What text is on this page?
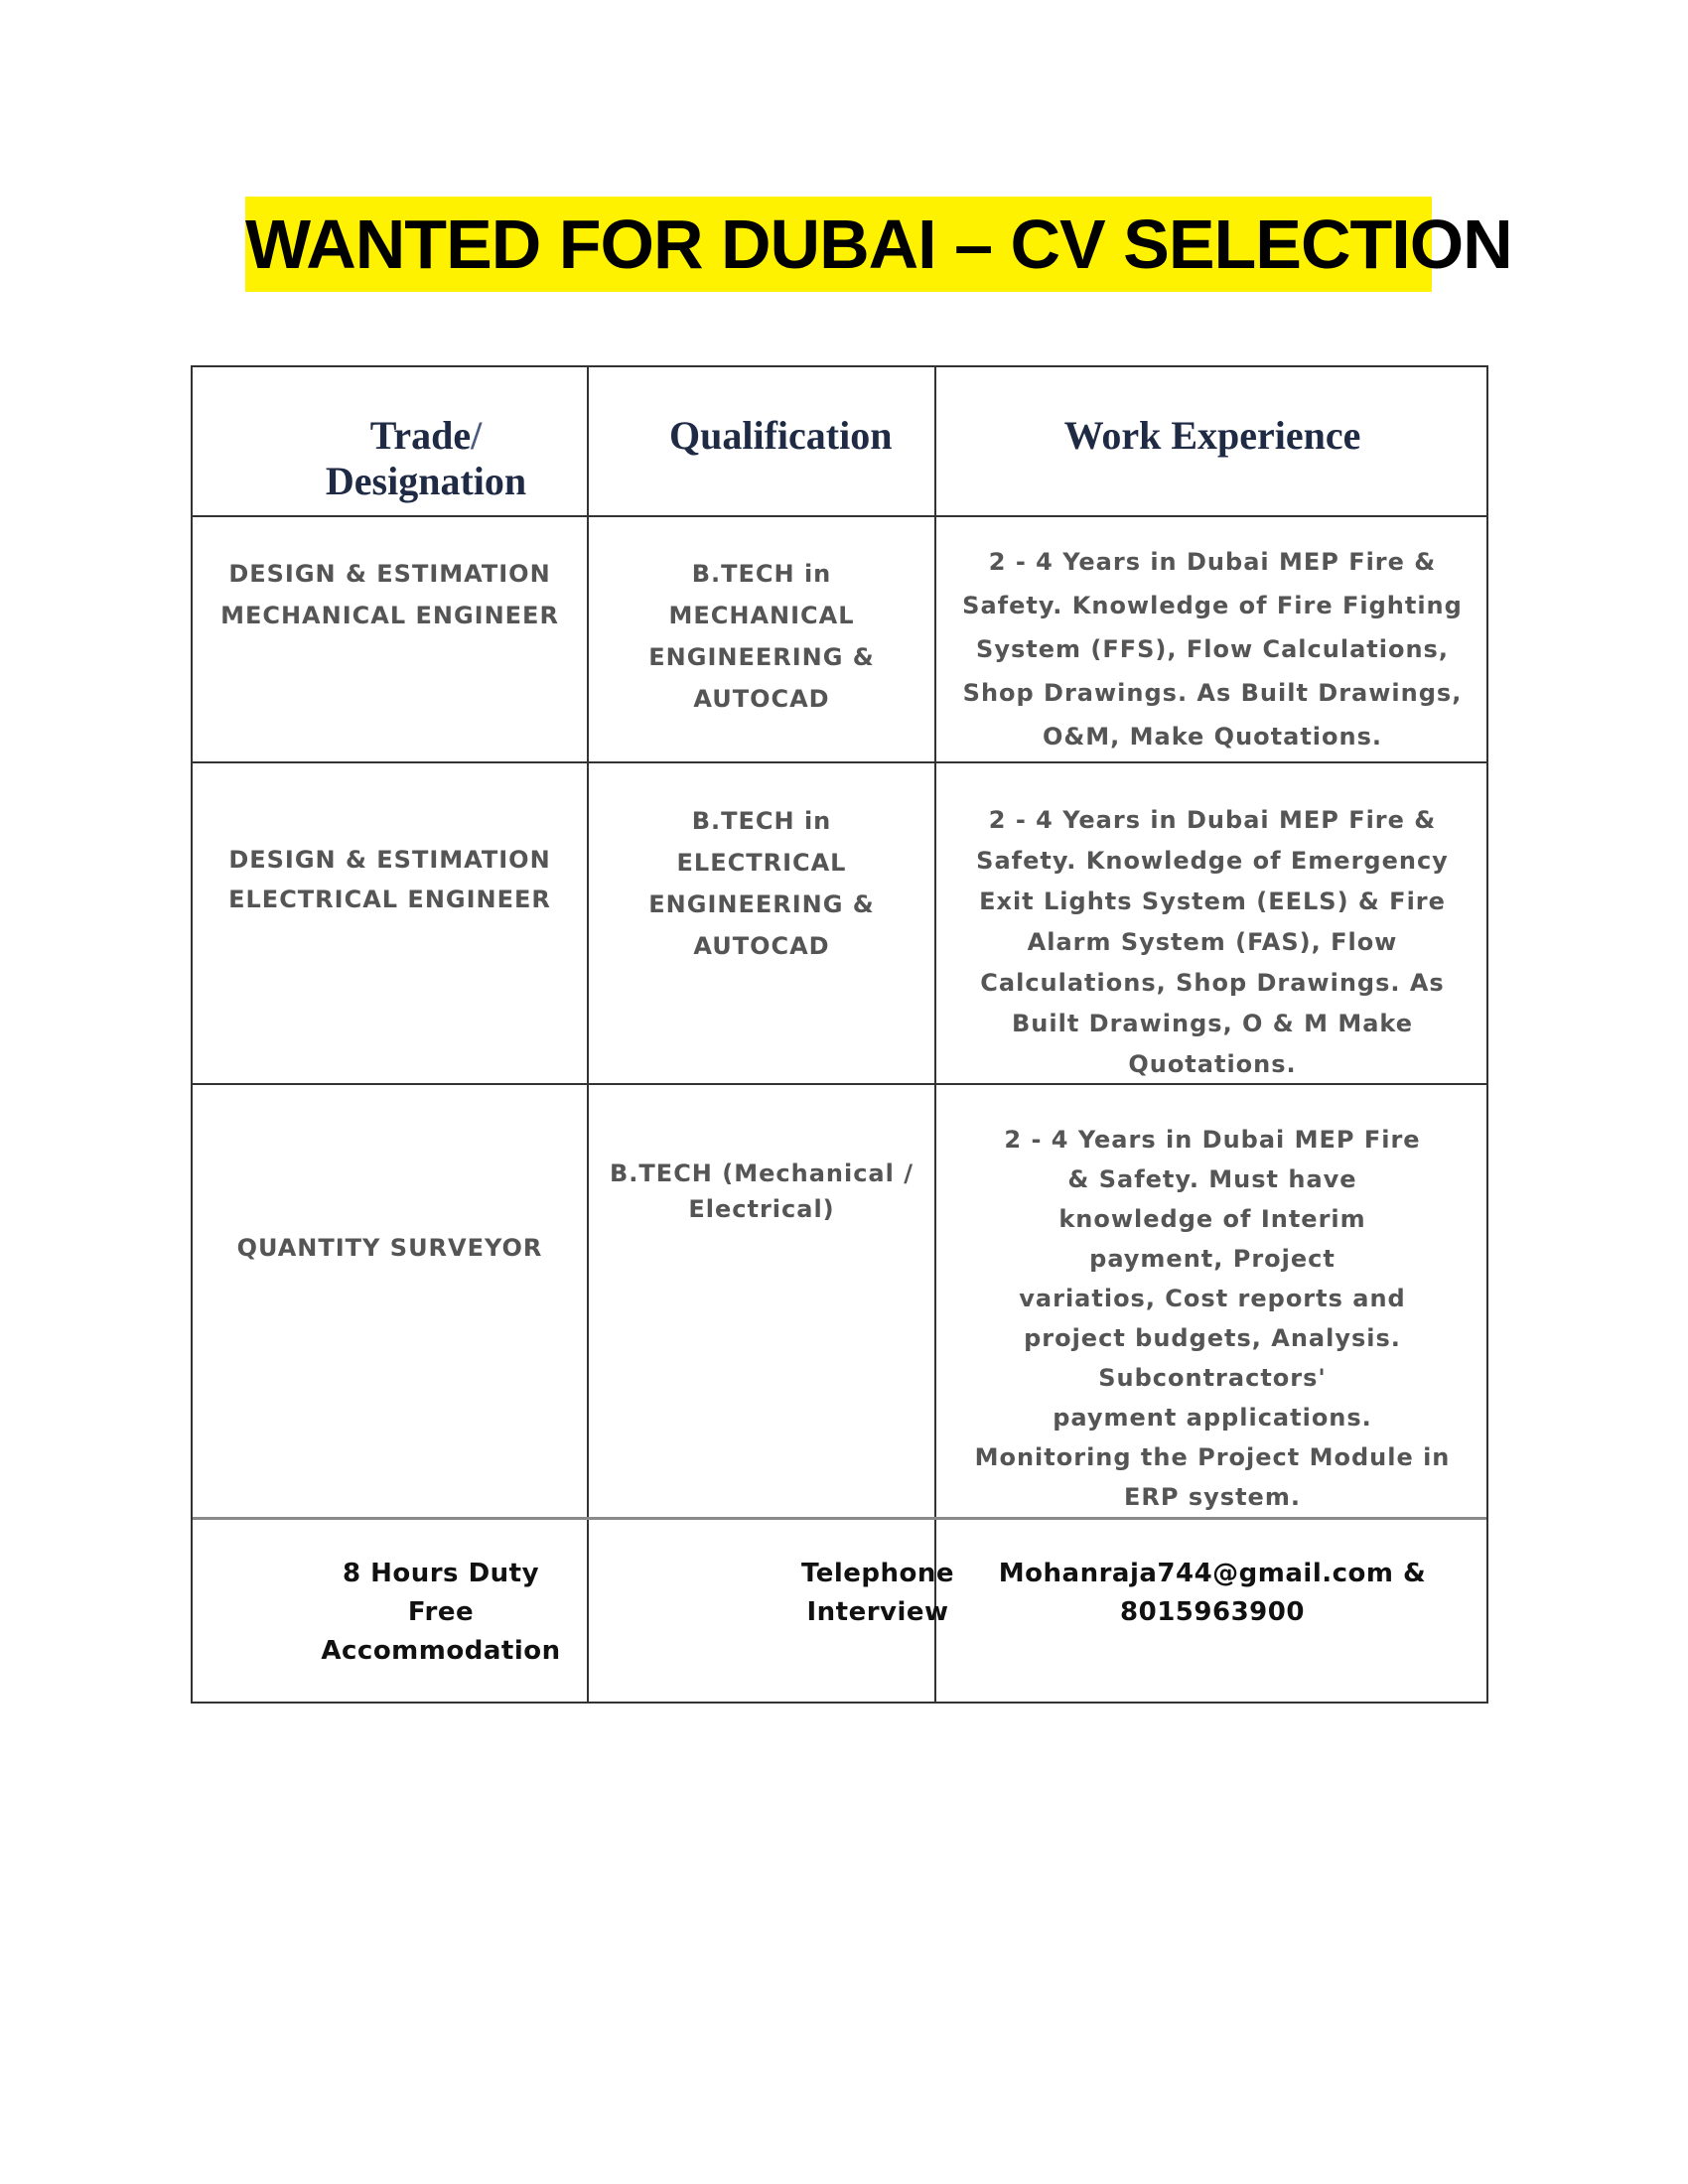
WANTED FOR DUBAI – CV SELECTION
Trade/
Designation
Qualification	Work Experience
DESIGN & ESTIMATION
MECHANICAL ENGINEER
B.TECH in
MECHANICAL
ENGINEERING &
AUTOCAD
2 - 4 Years in Dubai MEP Fire &
Safety. Knowledge of Fire Fighting
System (FFS), Flow Calculations,
Shop Drawings. As Built Drawings,
O&M, Make Quotations.
DESIGN & ESTIMATION
ELECTRICAL ENGINEER
B.TECH in
ELECTRICAL
ENGINEERING &
AUTOCAD
2 - 4 Years in Dubai MEP Fire &
Safety. Knowledge of Emergency
Exit Lights System (EELS) & Fire
Alarm System (FAS), Flow
Calculations, Shop Drawings. As
Built Drawings, O & M Make
Quotations.
QUANTITY SURVEYOR
B.TECH (Mechanical /
Electrical)
2 - 4 Years in Dubai MEP Fire
& Safety. Must have
knowledge of Interim
payment, Project
variatios, Cost reports and
project budgets, Analysis.
Subcontractors'
payment applications.
Monitoring the Project Module in
ERP system.
8 Hours Duty
Free
Accommodation
Telephone
Interview
Mohanraja744@gmail.com &
8015963900
